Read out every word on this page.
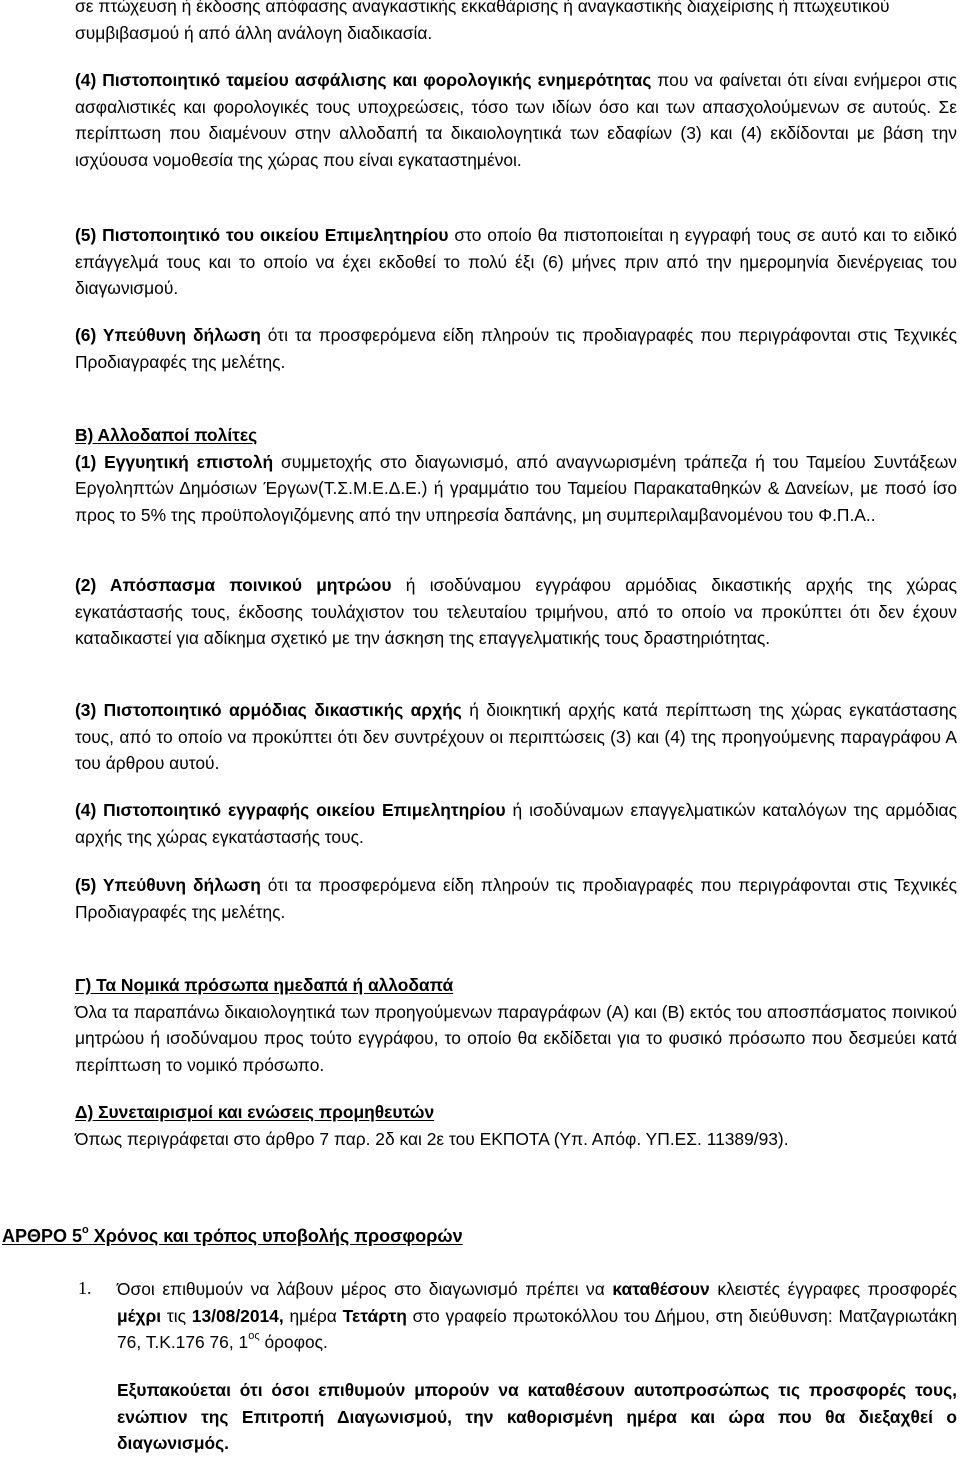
σε πτώχευση ή έκδοσης απόφασης αναγκαστικής εκκαθάρισης ή αναγκαστικής διαχείρισης ή πτωχευτικού συμβιβασμού ή από άλλη ανάλογη διαδικασία.
(4) Πιστοποιητικό ταμείου ασφάλισης και φορολογικής ενημερότητας που να φαίνεται ότι είναι ενήμεροι στις ασφαλιστικές και φορολογικές τους υποχρεώσεις, τόσο των ιδίων όσο και των απασχολούμενων σε αυτούς. Σε περίπτωση που διαμένουν στην αλλοδαπή τα δικαιολογητικά των εδαφίων (3) και (4) εκδίδονται με βάση την ισχύουσα νομοθεσία της χώρας που είναι εγκαταστημένοι.
(5) Πιστοποιητικό του οικείου Επιμελητηρίου στο οποίο θα πιστοποιείται η εγγραφή τους σε αυτό και το ειδικό επάγγελμά τους και το οποίο να έχει εκδοθεί το πολύ έξι (6) μήνες πριν από την ημερομηνία διενέργειας του διαγωνισμού.
(6) Υπεύθυνη δήλωση ότι τα προσφερόμενα είδη πληρούν τις προδιαγραφές που περιγράφονται στις Τεχνικές Προδιαγραφές της μελέτης.
Β) Αλλοδαποί πολίτες
(1) Εγγυητική επιστολή συμμετοχής στο διαγωνισμό, από αναγνωρισμένη τράπεζα ή του Ταμείου Συντάξεων Εργοληπτών Δημόσιων Έργων(Τ.Σ.Μ.Ε.Δ.Ε.) ή γραμμάτιο του Ταμείου Παρακαταθηκών & Δανείων, με ποσό ίσο προς το 5% της προϋπολογιζόμενης από την υπηρεσία δαπάνης, μη συμπεριλαμβανομένου του Φ.Π.Α..
(2) Απόσπασμα ποινικού μητρώου ή ισοδύναμου εγγράφου αρμόδιας δικαστικής αρχής της χώρας εγκατάστασής τους, έκδοσης τουλάχιστον του τελευταίου τριμήνου, από το οποίο να προκύπτει ότι δεν έχουν καταδικαστεί για αδίκημα σχετικό με την άσκηση της επαγγελματικής τους δραστηριότητας.
(3) Πιστοποιητικό αρμόδιας δικαστικής αρχής ή διοικητική αρχής κατά περίπτωση της χώρας εγκατάστασης τους, από το οποίο να προκύπτει ότι δεν συντρέχουν οι περιπτώσεις (3) και (4) της προηγούμενης παραγράφου Α του άρθρου αυτού.
(4) Πιστοποιητικό εγγραφής οικείου Επιμελητηρίου ή ισοδύναμων επαγγελματικών καταλόγων της αρμόδιας αρχής της χώρας εγκατάστασής τους.
(5) Υπεύθυνη δήλωση ότι τα προσφερόμενα είδη πληρούν τις προδιαγραφές που περιγράφονται στις Τεχνικές Προδιαγραφές της μελέτης.
Γ) Τα Νομικά πρόσωπα ημεδαπά ή αλλοδαπά
Όλα τα παραπάνω δικαιολογητικά των προηγούμενων παραγράφων (Α) και (Β) εκτός του αποσπάσματος ποινικού μητρώου ή ισοδύναμου προς τούτο εγγράφου, το οποίο θα εκδίδεται για το φυσικό πρόσωπο που δεσμεύει κατά περίπτωση το νομικό πρόσωπο.
Δ) Συνεταιρισμοί και ενώσεις προμηθευτών
Όπως περιγράφεται στο άρθρο 7 παρ. 2δ και 2ε του ΕΚΠΟΤΑ (Υπ. Απόφ. ΥΠ.ΕΣ. 11389/93).
ΑΡΘΡΟ $5^o$ Χρόνος και τρόπος υποβολής προσφορών
1. Όσοι επιθυμούν να λάβουν μέρος στο διαγωνισμό πρέπει να καταθέσουν κλειστές έγγραφες προσφορές μέχρι τις 13/08/2014, ημέρα Τετάρτη στο γραφείο πρωτοκόλλου του Δήμου, στη διεύθυνση: Ματζαγριωτάκη 76, Τ.Κ.176 76, $1^{o\varsigma}$ όροφος.
Εξυπακούεται ότι όσοι επιθυμούν μπορούν να καταθέσουν αυτοπροσώπως τις προσφορές τους, ενώπιον της Επιτροπή Διαγωνισμού, την καθορισμένη ημέρα και ώρα που θα διεξαχθεί ο διαγωνισμός.
